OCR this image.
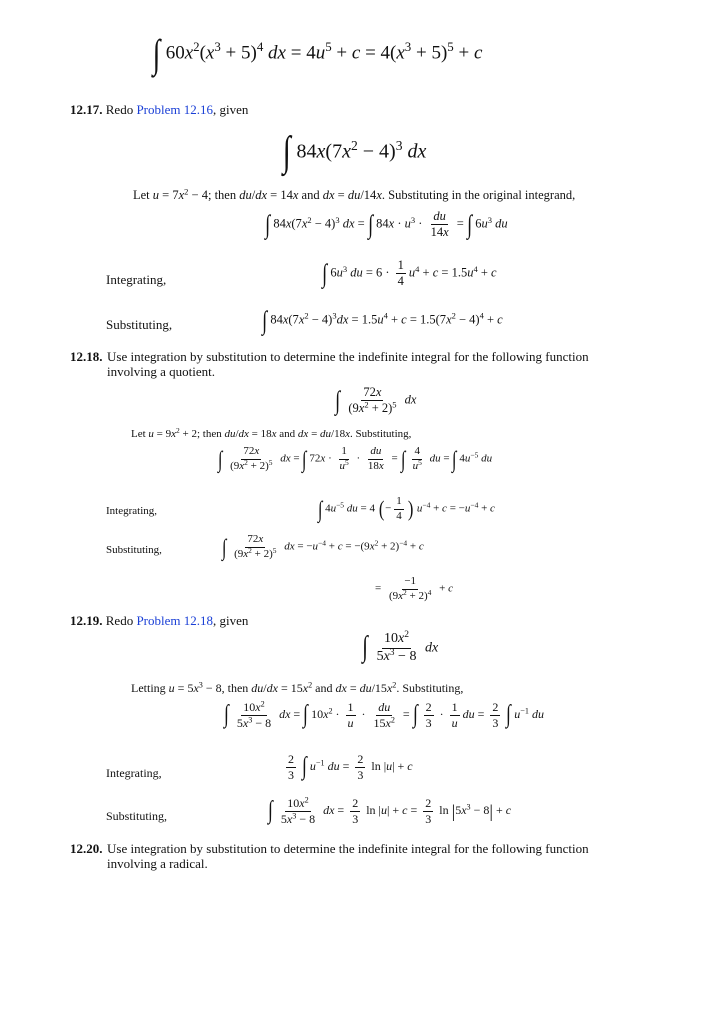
∫ $60x^2(x^3 + 5)^4$ dx = $4u^5 + c = 4(x^3 + 5)^5 + c$
12.17. Redo Problem 12.16, given
∫ $84x(7x^2 - 4)^3$ dx
Let $u = 7x^2 - 4$; then du/dx = 14x and dx = du/14x. Substituting in the original integrand,
∫ $84x(7x^2 - 4)^3$ dx = ∫ $84x \cdot u^3 \cdot \frac{du}{14x}$ = ∫ $6u^3$ du
Integrating,	∫ $6u^3$ du = $6 \cdot \frac{1}{4} u^4 + c = 1.5u^4 + c$
Substituting,	∫ $84x(7x^2 - 4)^3dx = 1.5u^4 + c = 1.5(7x^2 - 4)^4 + c$
12.18. Use integration by substitution to determine the indefinite integral for the following function involving a quotient.
∫ $\frac{72x}{(9x^2 + 2)^5}$ dx
Let $u = 9x^2 + 2$; then du/dx = 18x and dx = du/18x. Substituting,
∫ $\frac{72x}{(9x^2 + 2)^5}$ dx = ∫ $72x \cdot \frac{1}{u^5} \cdot \frac{du}{18x}$ = ∫ $\frac{4}{u^5}$ du = ∫ $4u^{-5}$ du
Integrating,	∫ $4u^{-5}$ du = 4 (− $\frac{1}{4}$ ) $u^{-4} + c = -u^{-4} + c$
Substituting,	∫ $\frac{72x}{(9x^2 + 2)^5}$ dx = $-u^{-4} + c = -(9x^2 + 2)^{-4} + c$
= $\frac{-1}{(9x^2 + 2)^4} + c$
12.19. Redo Problem 12.18, given
∫ $\frac{10x^2}{5x^3 - 8}$ dx
Letting $u = 5x^3 - 8$, then $du/dx = 15x^2$ and dx = $du/15x^2$. Substituting,
∫ $\frac{10x^2}{5x^3 - 8}$ dx = ∫ $10x^2 \cdot \frac{1}{u} \cdot \frac{du}{15x^2}$ = ∫ $\frac{2}{3} \cdot \frac{1}{u}$ du = $\frac{2}{3}$ ∫ $u^{-1}$ du
Integrating,	$\frac{2}{3}$ ∫ $u^{-1}$ du = $\frac{2}{3}$ ln |u| + c
Substituting,	∫ $\frac{10x^2}{5x^3 - 8}$ dx = $\frac{2}{3}$ $\ln |u| + c = \frac{2}{3}$ $\ln |5x^3 - 8| + c$
12.20. Use integration by substitution to determine the indefinite integral for the following function involving a radical.
